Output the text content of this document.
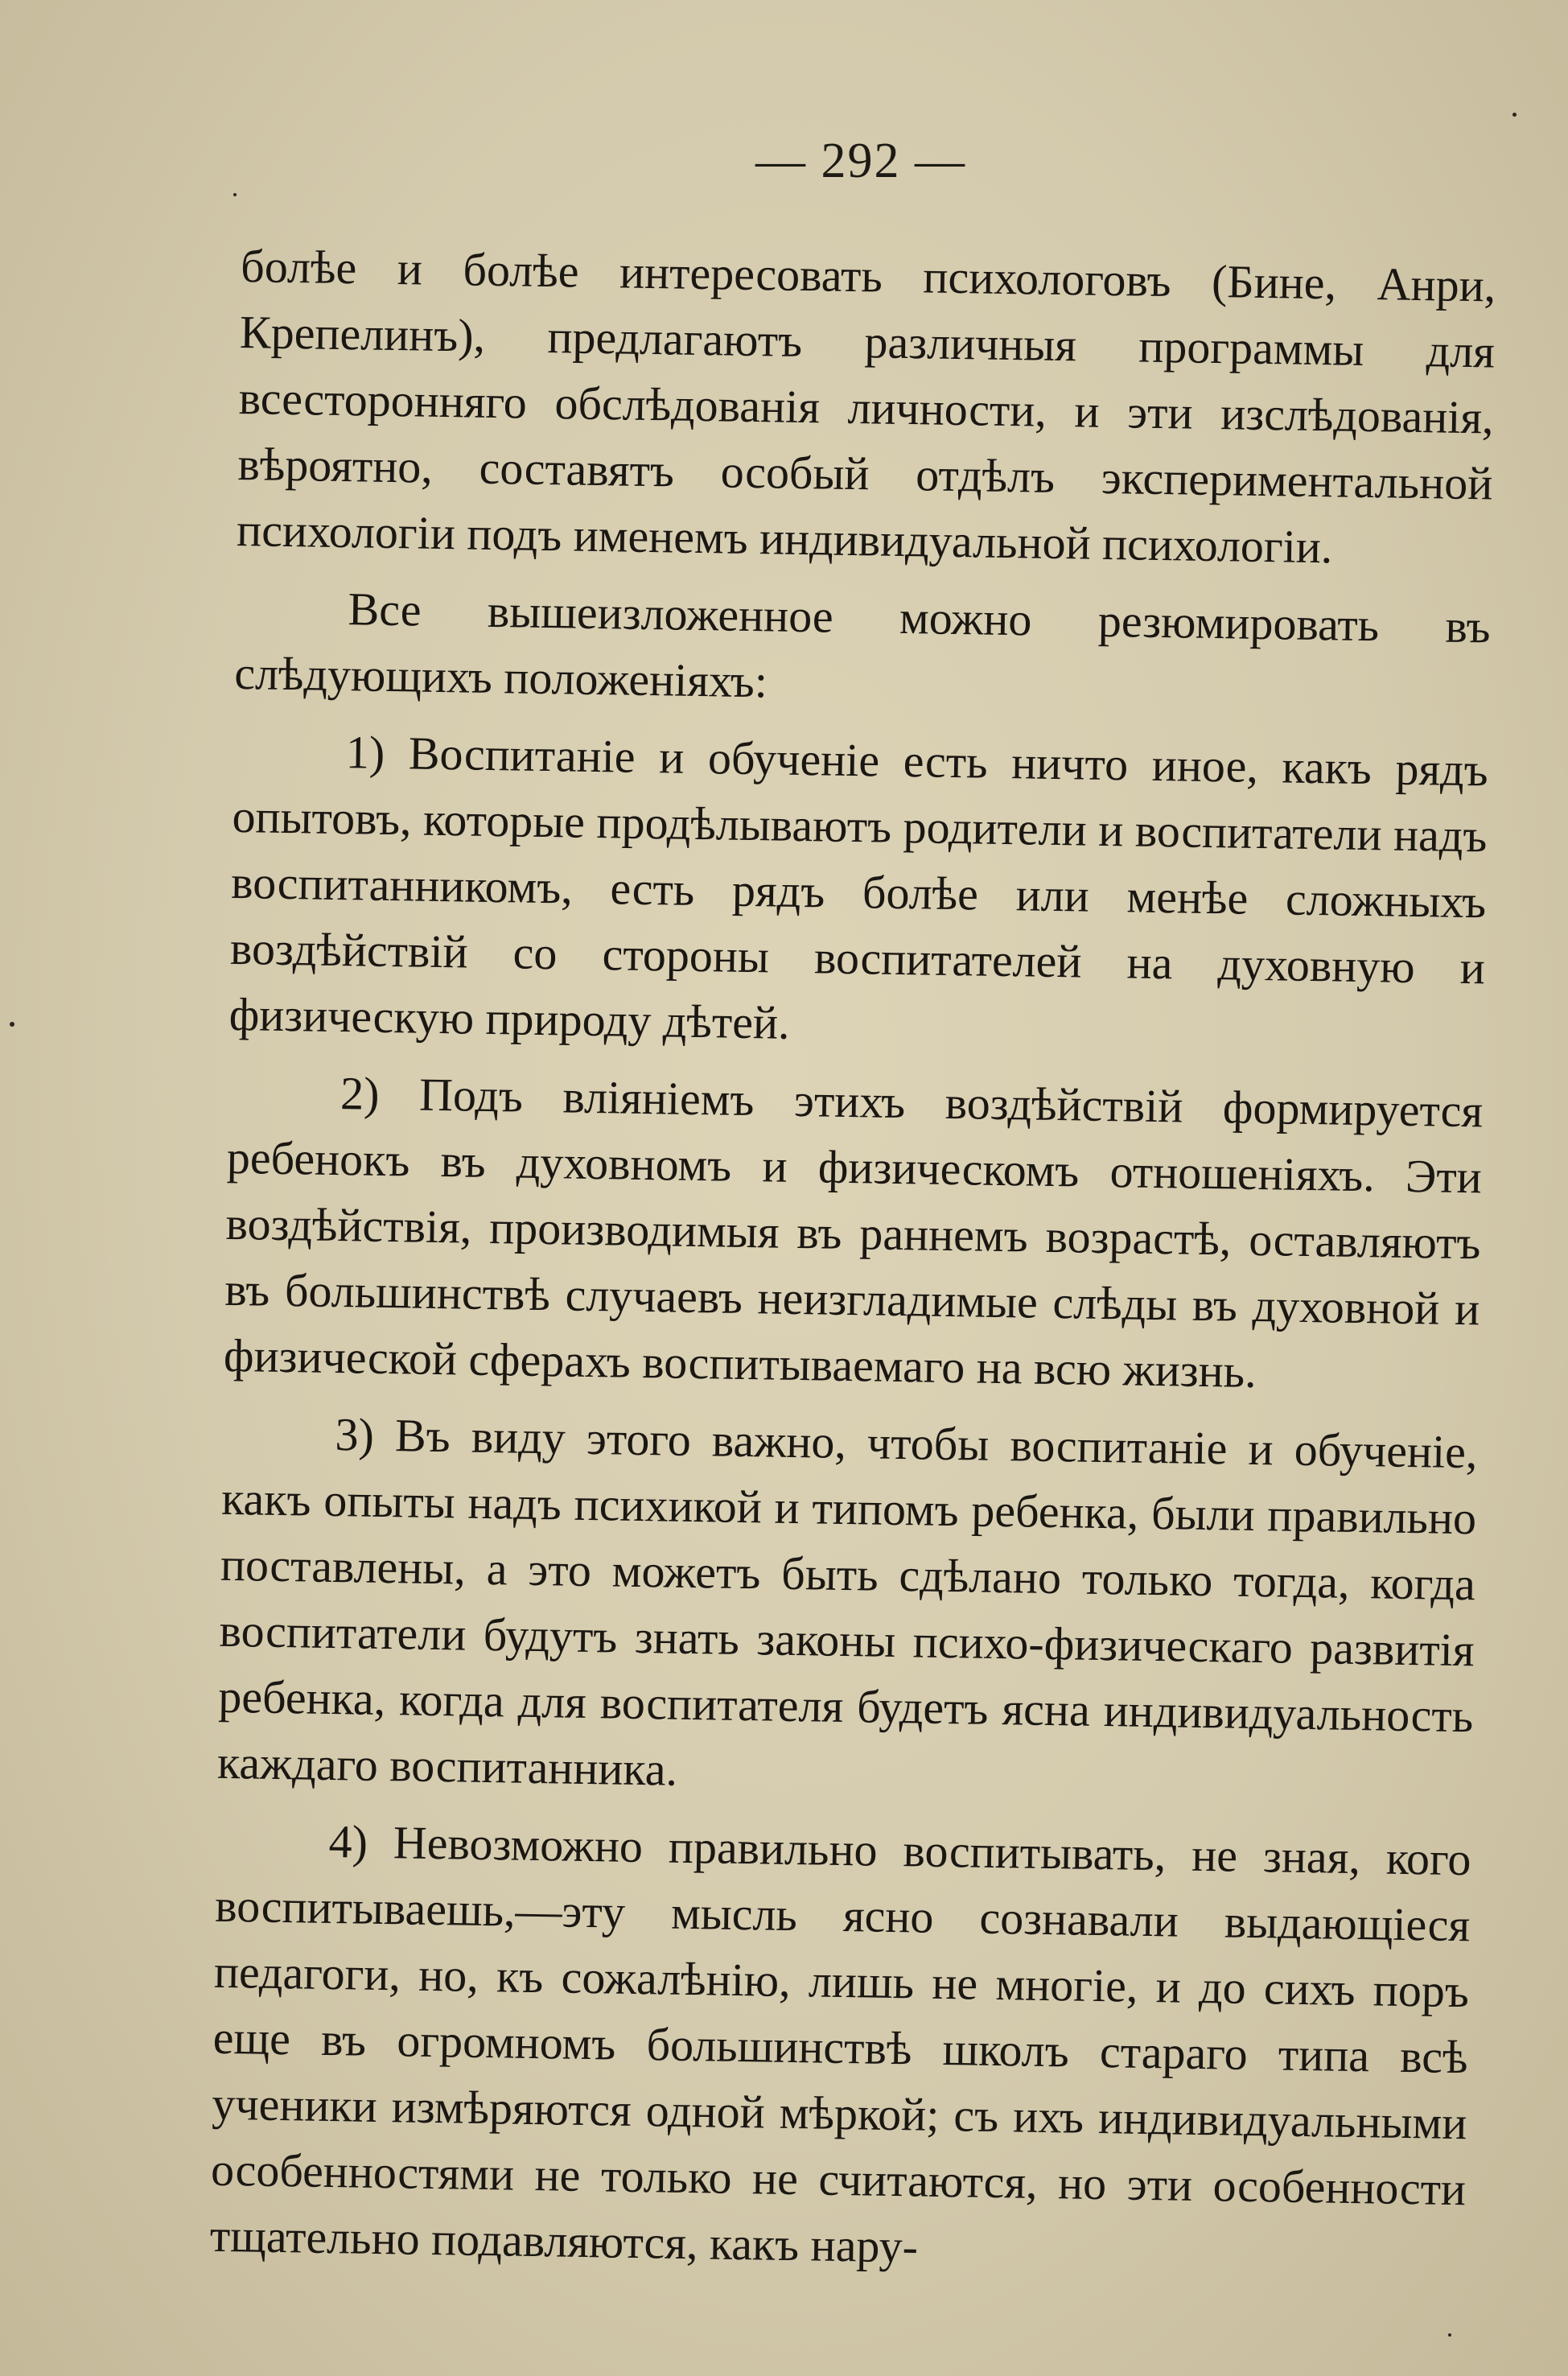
— 292 —

болѣе и болѣе интересовать психологовъ (Бине, Анри, Крепелинъ), предлагаютъ различныя программы для всесторонняго обслѣдованія личности, и эти изслѣдованія, вѣроятно, составятъ особый отдѣлъ экспериментальной психологіи подъ именемъ индивидуальной психологіи.

Все вышеизложенное можно резюмировать въ слѣдующихъ положеніяхъ:

1) Воспитаніе и обученіе есть ничто иное, какъ рядъ опытовъ, которые продѣлываютъ родители и воспитатели надъ воспитанникомъ, есть рядъ болѣе или менѣе сложныхъ воздѣйствій со стороны воспитателей на духовную и физическую природу дѣтей.

2) Подъ вліяніемъ этихъ воздѣйствій формируется ребенокъ въ духовномъ и физическомъ отношеніяхъ. Эти воздѣйствія, производимыя въ раннемъ возрастѣ, оставляютъ въ большинствѣ случаевъ неизгладимые слѣды въ духовной и физической сферахъ воспитываемаго на всю жизнь.

3) Въ виду этого важно, чтобы воспитаніе и обученіе, какъ опыты надъ психикой и типомъ ребенка, были правильно поставлены, а это можетъ быть сдѣлано только тогда, когда воспитатели будутъ знать законы психо-физическаго развитія ребенка, когда для воспитателя будетъ ясна индивидуальность каждаго воспитанника.

4) Невозможно правильно воспитывать, не зная, кого воспитываешь,—эту мысль ясно сознавали выдающіеся педагоги, но, къ сожалѣнію, лишь не многіе, и до сихъ поръ еще въ огромномъ большинствѣ школъ стараго типа всѣ ученики измѣряются одной мѣркой; съ ихъ индивидуальными особенностями не только не считаются, но эти особенности тщательно подавляются, какъ нару-
